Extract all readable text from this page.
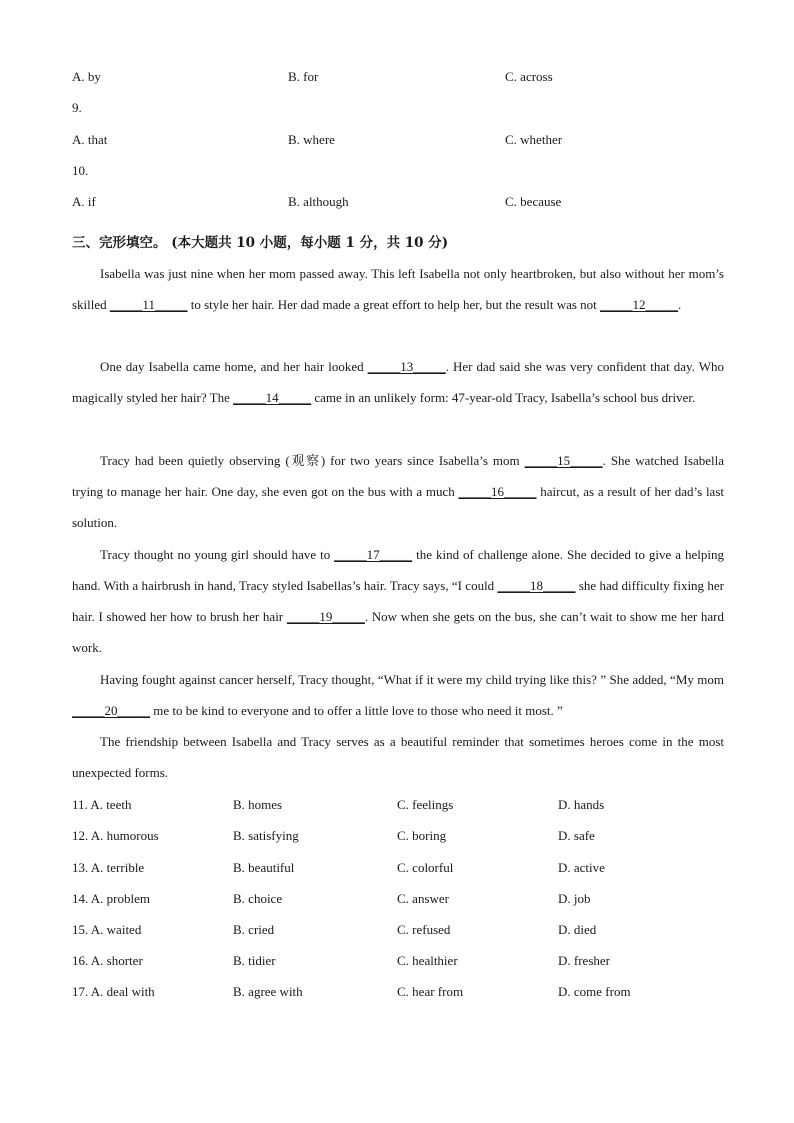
A. by	B. for	C. across
9.
A. that	B. where	C. whether
10.
A. if	B. although	C. because
三、完形填空。 (本大题共 10 小题，每小题 1 分，共 10 分)
Isabella was just nine when her mom passed away. This left Isabella not only heartbroken, but also without her mom’s skilled _____11_____ to style her hair. Her dad made a great effort to help her, but the result was not _____12_____.
One day Isabella came home, and her hair looked _____13_____. Her dad said she was very confident that day. Who magically styled her hair? The _____14_____ came in an unlikely form: 47-year-old Tracy, Isabella’s school bus driver.
Tracy had been quietly observing (观察) for two years since Isabella’s mom _____15_____. She watched Isabella trying to manage her hair. One day, she even got on the bus with a much _____16_____ haircut, as a result of her dad’s last solution.
Tracy thought no young girl should have to _____17_____ the kind of challenge alone. She decided to give a helping hand. With a hairbrush in hand, Tracy styled Isabellas’s hair. Tracy says, “I could _____18_____ she had difficulty fixing her hair. I showed her how to brush her hair _____19_____. Now when she gets on the bus, she can’t wait to show me her hard work.
Having fought against cancer herself, Tracy thought, “What if it were my child trying like this? ” She added, “My mom _____20_____ me to be kind to everyone and to offer a little love to those who need it most. ”
The friendship between Isabella and Tracy serves as a beautiful reminder that sometimes heroes come in the most unexpected forms.
11. A. teeth	B. homes	C. feelings	D. hands
12. A. humorous	B. satisfying	C. boring	D. safe
13. A. terrible	B. beautiful	C. colorful	D. active
14. A. problem	B. choice	C. answer	D. job
15. A. waited	B. cried	C. refused	D. died
16. A. shorter	B. tidier	C. healthier	D. fresher
17. A. deal with	B. agree with	C. hear from	D. come from
